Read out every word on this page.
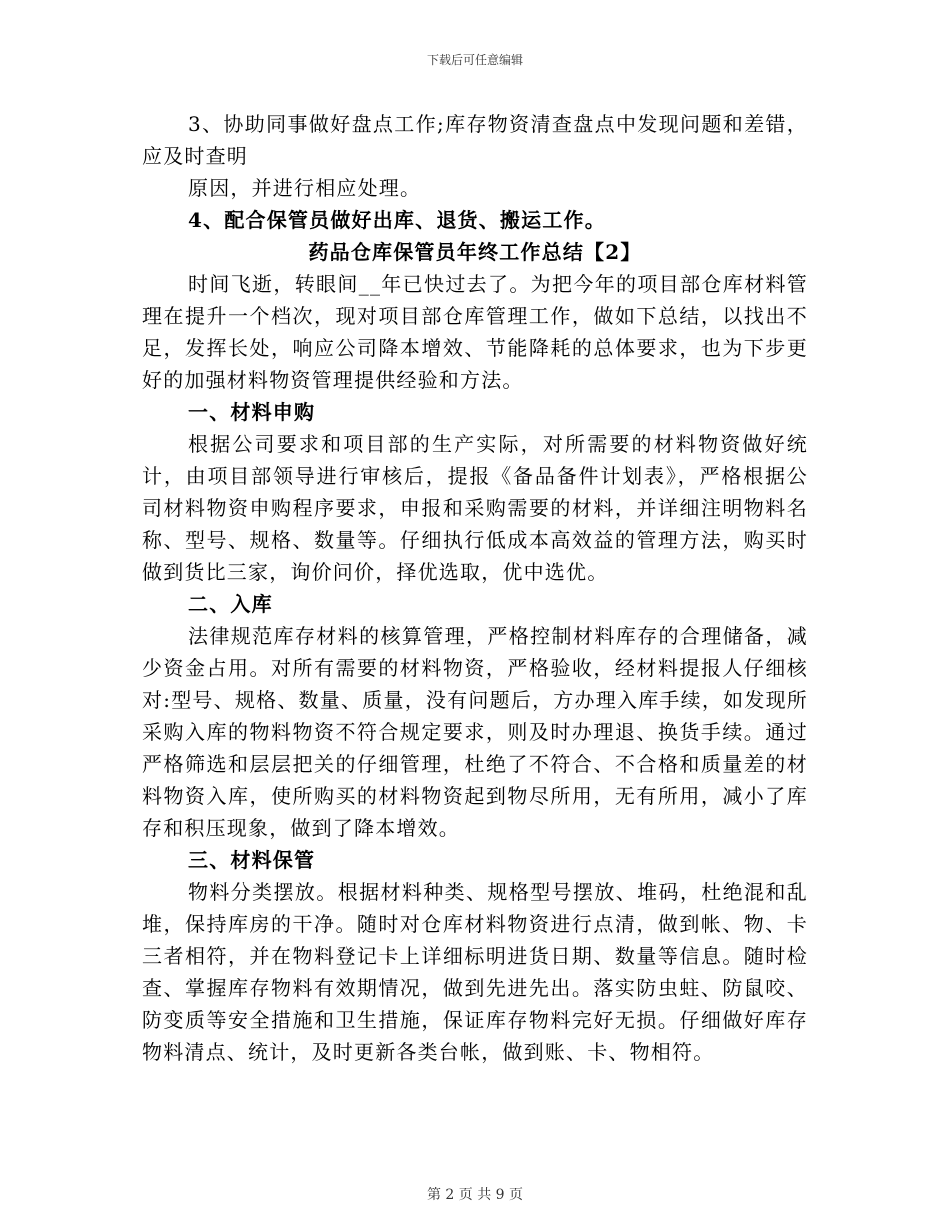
下载后可任意编辑

3、协助同事做好盘点工作;库存物资清查盘点中发现问题和差错，应及时查明

原因，并进行相应处理。

4、配合保管员做好出库、退货、搬运工作。

药品仓库保管员年终工作总结【2】

时间飞逝，转眼间__年已快过去了。为把今年的项目部仓库材料管理在提升一个档次，现对项目部仓库管理工作，做如下总结，以找出不足，发挥长处，响应公司降本增效、节能降耗的总体要求，也为下步更好的加强材料物资管理提供经验和方法。

一、材料申购

根据公司要求和项目部的生产实际，对所需要的材料物资做好统计，由项目部领导进行审核后，提报《备品备件计划表》，严格根据公司材料物资申购程序要求，申报和采购需要的材料，并详细注明物料名称、型号、规格、数量等。仔细执行低成本高效益的管理方法，购买时做到货比三家，询价问价，择优选取，优中选优。

二、入库

法律规范库存材料的核算管理，严格控制材料库存的合理储备，减少资金占用。对所有需要的材料物资，严格验收，经材料提报人仔细核对:型号、规格、数量、质量，没有问题后，方办理入库手续，如发现所采购入库的物料物资不符合规定要求，则及时办理退、换货手续。通过严格筛选和层层把关的仔细管理，杜绝了不符合、不合格和质量差的材料物资入库，使所购买的材料物资起到物尽所用，无有所用，减小了库存和积压现象，做到了降本增效。

三、材料保管

物料分类摆放。根据材料种类、规格型号摆放、堆码，杜绝混和乱堆，保持库房的干净。随时对仓库材料物资进行点清，做到帐、物、卡三者相符，并在物料登记卡上详细标明进货日期、数量等信息。随时检查、掌握库存物料有效期情况，做到先进先出。落实防虫蛀、防鼠咬、防变质等安全措施和卫生措施，保证库存物料完好无损。仔细做好库存物料清点、统计，及时更新各类台帐，做到账、卡、物相符。

第 2 页 共 9 页
